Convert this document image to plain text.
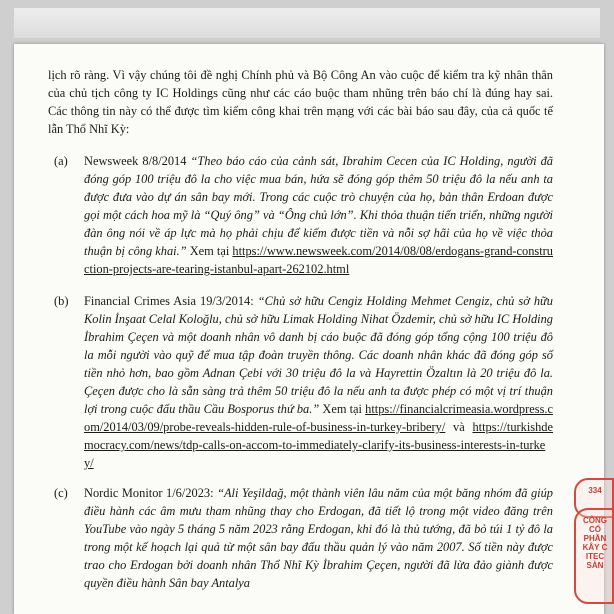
lịch rõ ràng. Vì vậy chúng tôi đề nghị Chính phủ và Bộ Công An vào cuộc để kiểm tra kỹ nhân thân của chủ tịch công ty IC Holdings cũng như các cáo buộc tham nhũng trên báo chí là đúng hay sai. Các thông tin này có thể được tìm kiếm công khai trên mạng với các bài báo sau đây, của cả quốc tế lẫn Thổ Nhĩ Kỳ:

(a)	Newsweek 8/8/2014 “Theo báo cáo của cảnh sát, Ibrahim Cecen của IC Holding, người đã đóng góp 100 triệu đô la cho việc mua bán, hứa sẽ đóng góp thêm 50 triệu đô la nếu anh ta được đưa vào dự án sân bay mới. Trong các cuộc trò chuyện của họ, bản thân Erdoan được gọi một cách hoa mỹ là “Quý ông” và “Ông chủ lớn”. Khi thỏa thuận tiến triển, những người đàn ông nói về áp lực mà họ phải chịu để kiếm được tiền và nỗi sợ hãi của họ về việc thỏa thuận bị công khai.” Xem tại https://www.newsweek.com/2014/08/08/erdogans-grand-construction-projects-are-tearing-istanbul-apart-262102.html
(b)	Financial Crimes Asia 19/3/2014: “Chủ sở hữu Cengiz Holding Mehmet Cengiz, chủ sở hữu Kolin İnşaat Celal Koloğlu, chủ sở hữu Limak Holding Nihat Özdemir, chủ sở hữu IC Holding İbrahim Çeçen và một doanh nhân vô danh bị cáo buộc đã đóng góp tổng cộng 100 triệu đô la mỗi người vào quỹ để mua tập đoàn truyền thông. Các doanh nhân khác đã đóng góp số tiền nhỏ hơn, bao gồm Adnan Çebi với 30 triệu đô la và Hayrettin Özaltın là 20 triệu đô la. Çeçen được cho là sẵn sàng trả thêm 50 triệu đô la nếu anh ta được phép có một vị trí thuận lợi trong cuộc đấu thầu Cầu Bosporus thứ ba.” Xem tại https://financialcrimeasia.wordpress.com/2014/03/09/probe-reveals-hidden-rule-of-business-in-turkey-bribery/ và https://turkishdemocracy.com/news/tdp-calls-on-accom-to-immediately-clarify-its-business-interests-in-turkey/
(c)	Nordic Monitor 1/6/2023: “Ali Yeşildağ, một thành viên lâu năm của một băng nhóm đã giúp điều hành các âm mưu tham nhũng thay cho Erdogan, đã tiết lộ trong một video đăng trên YouTube vào ngày 5 tháng 5 năm 2023 rằng Erdogan, khi đó là thủ tướng, đã bỏ túi 1 tỷ đô la trong một kế hoạch lại quả từ một sân bay đấu thầu quản lý vào năm 2007. Số tiền này được trao cho Erdogan bởi doanh nhân Thổ Nhĩ Kỳ İbrahim Çeçen, người đã lừa đảo giành được quyền điều hành Sân bay Antalya
334
CÔNG CỔ PHẦN KÂY C ITEC SÀN
